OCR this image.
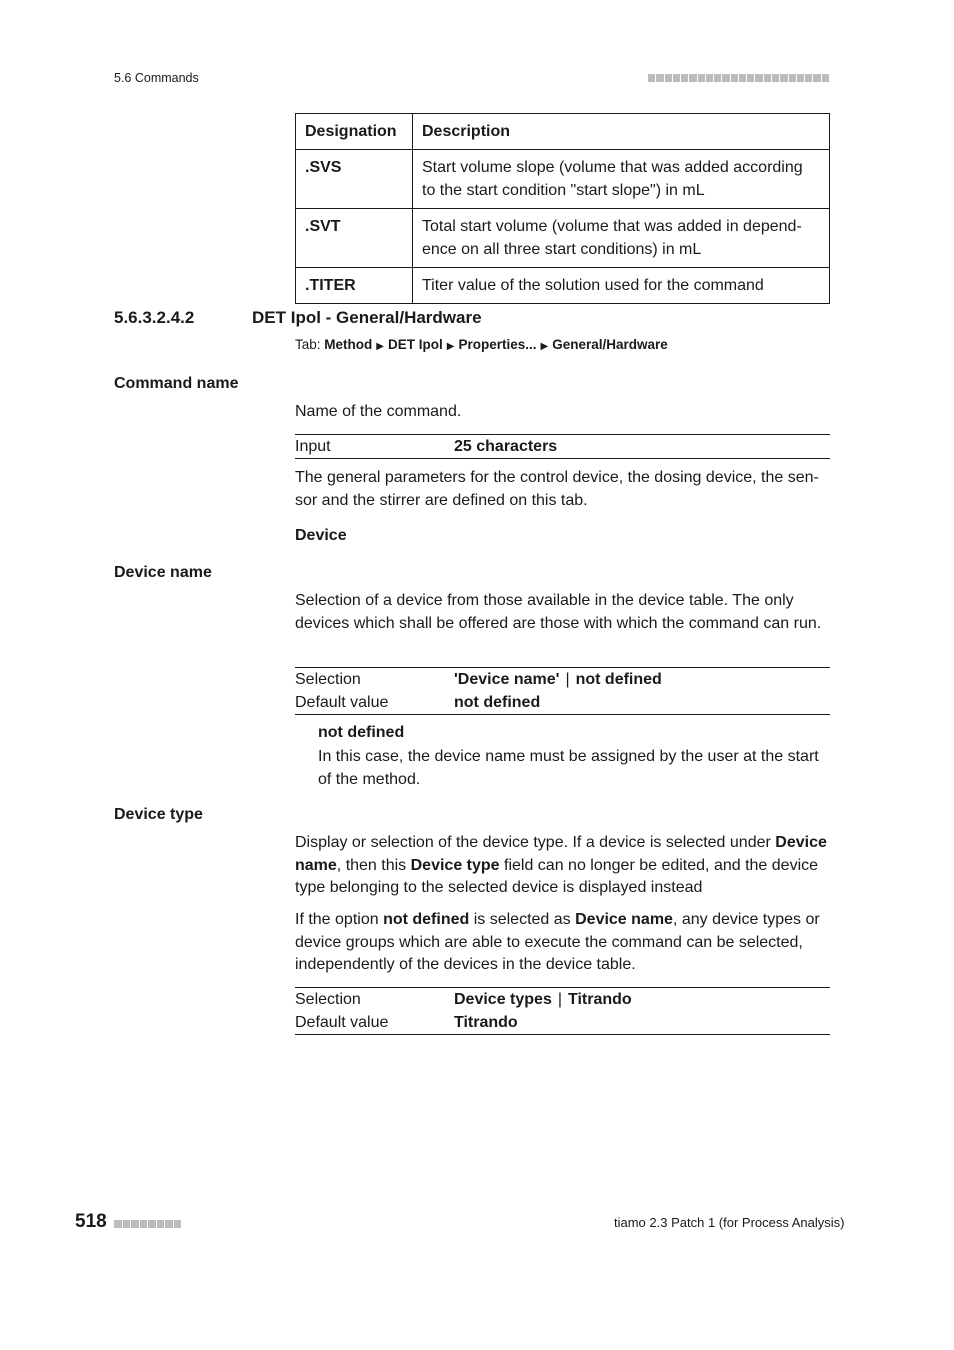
5.6 Commands
Designation	Description
.SVS	Start volume slope (volume that was added according to the start condition "start slope") in mL
.SVT	Total start volume (volume that was added in depend-ence on all three start conditions) in mL
.TITER	Titer value of the solution used for the command
5.6.3.2.4.2	DET Ipol - General/Hardware
Tab: Method ▶ DET Ipol ▶ Properties... ▶ General/Hardware
Command name
Name of the command.
Input	25 characters
The general parameters for the control device, the dosing device, the sen-sor and the stirrer are defined on this tab.
Device
Device name
Selection of a device from those available in the device table. The only devices which shall be offered are those with which the command can run.
Selection	'Device name' | not defined
Default value	not defined
not defined
In this case, the device name must be assigned by the user at the start of the method.
Device type
Display or selection of the device type. If a device is selected under Device name, then this Device type field can no longer be edited, and the device type belonging to the selected device is displayed instead
If the option not defined is selected as Device name, any device types or device groups which are able to execute the command can be selected, independently of the devices in the device table.
Selection	Device types | Titrando
Default value	Titrando
518	tiamo 2.3 Patch 1 (for Process Analysis)
